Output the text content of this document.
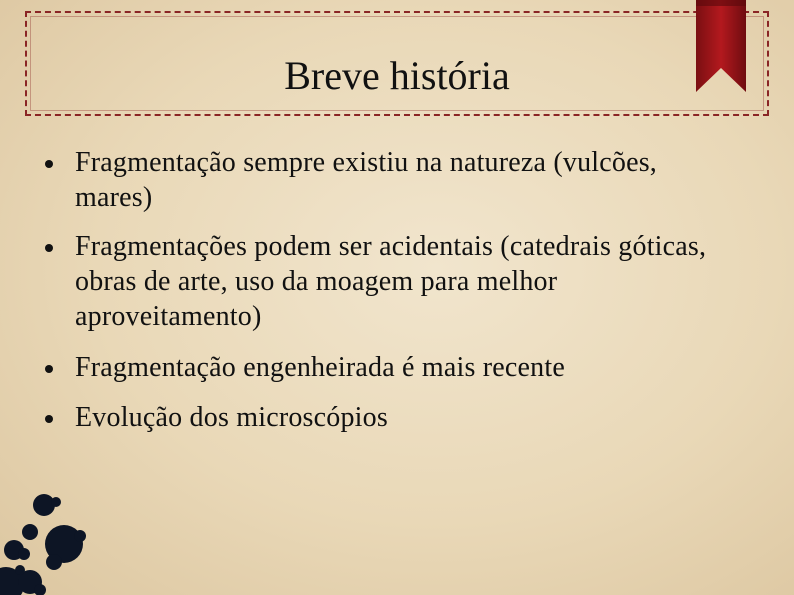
Breve história
Fragmentação sempre existiu na natureza (vulcões, mares)
Fragmentações podem ser acidentais (catedrais góticas, obras de arte, uso da moagem para melhor aproveitamento)
Fragmentação engenheirada é mais recente
Evolução dos microscópios
